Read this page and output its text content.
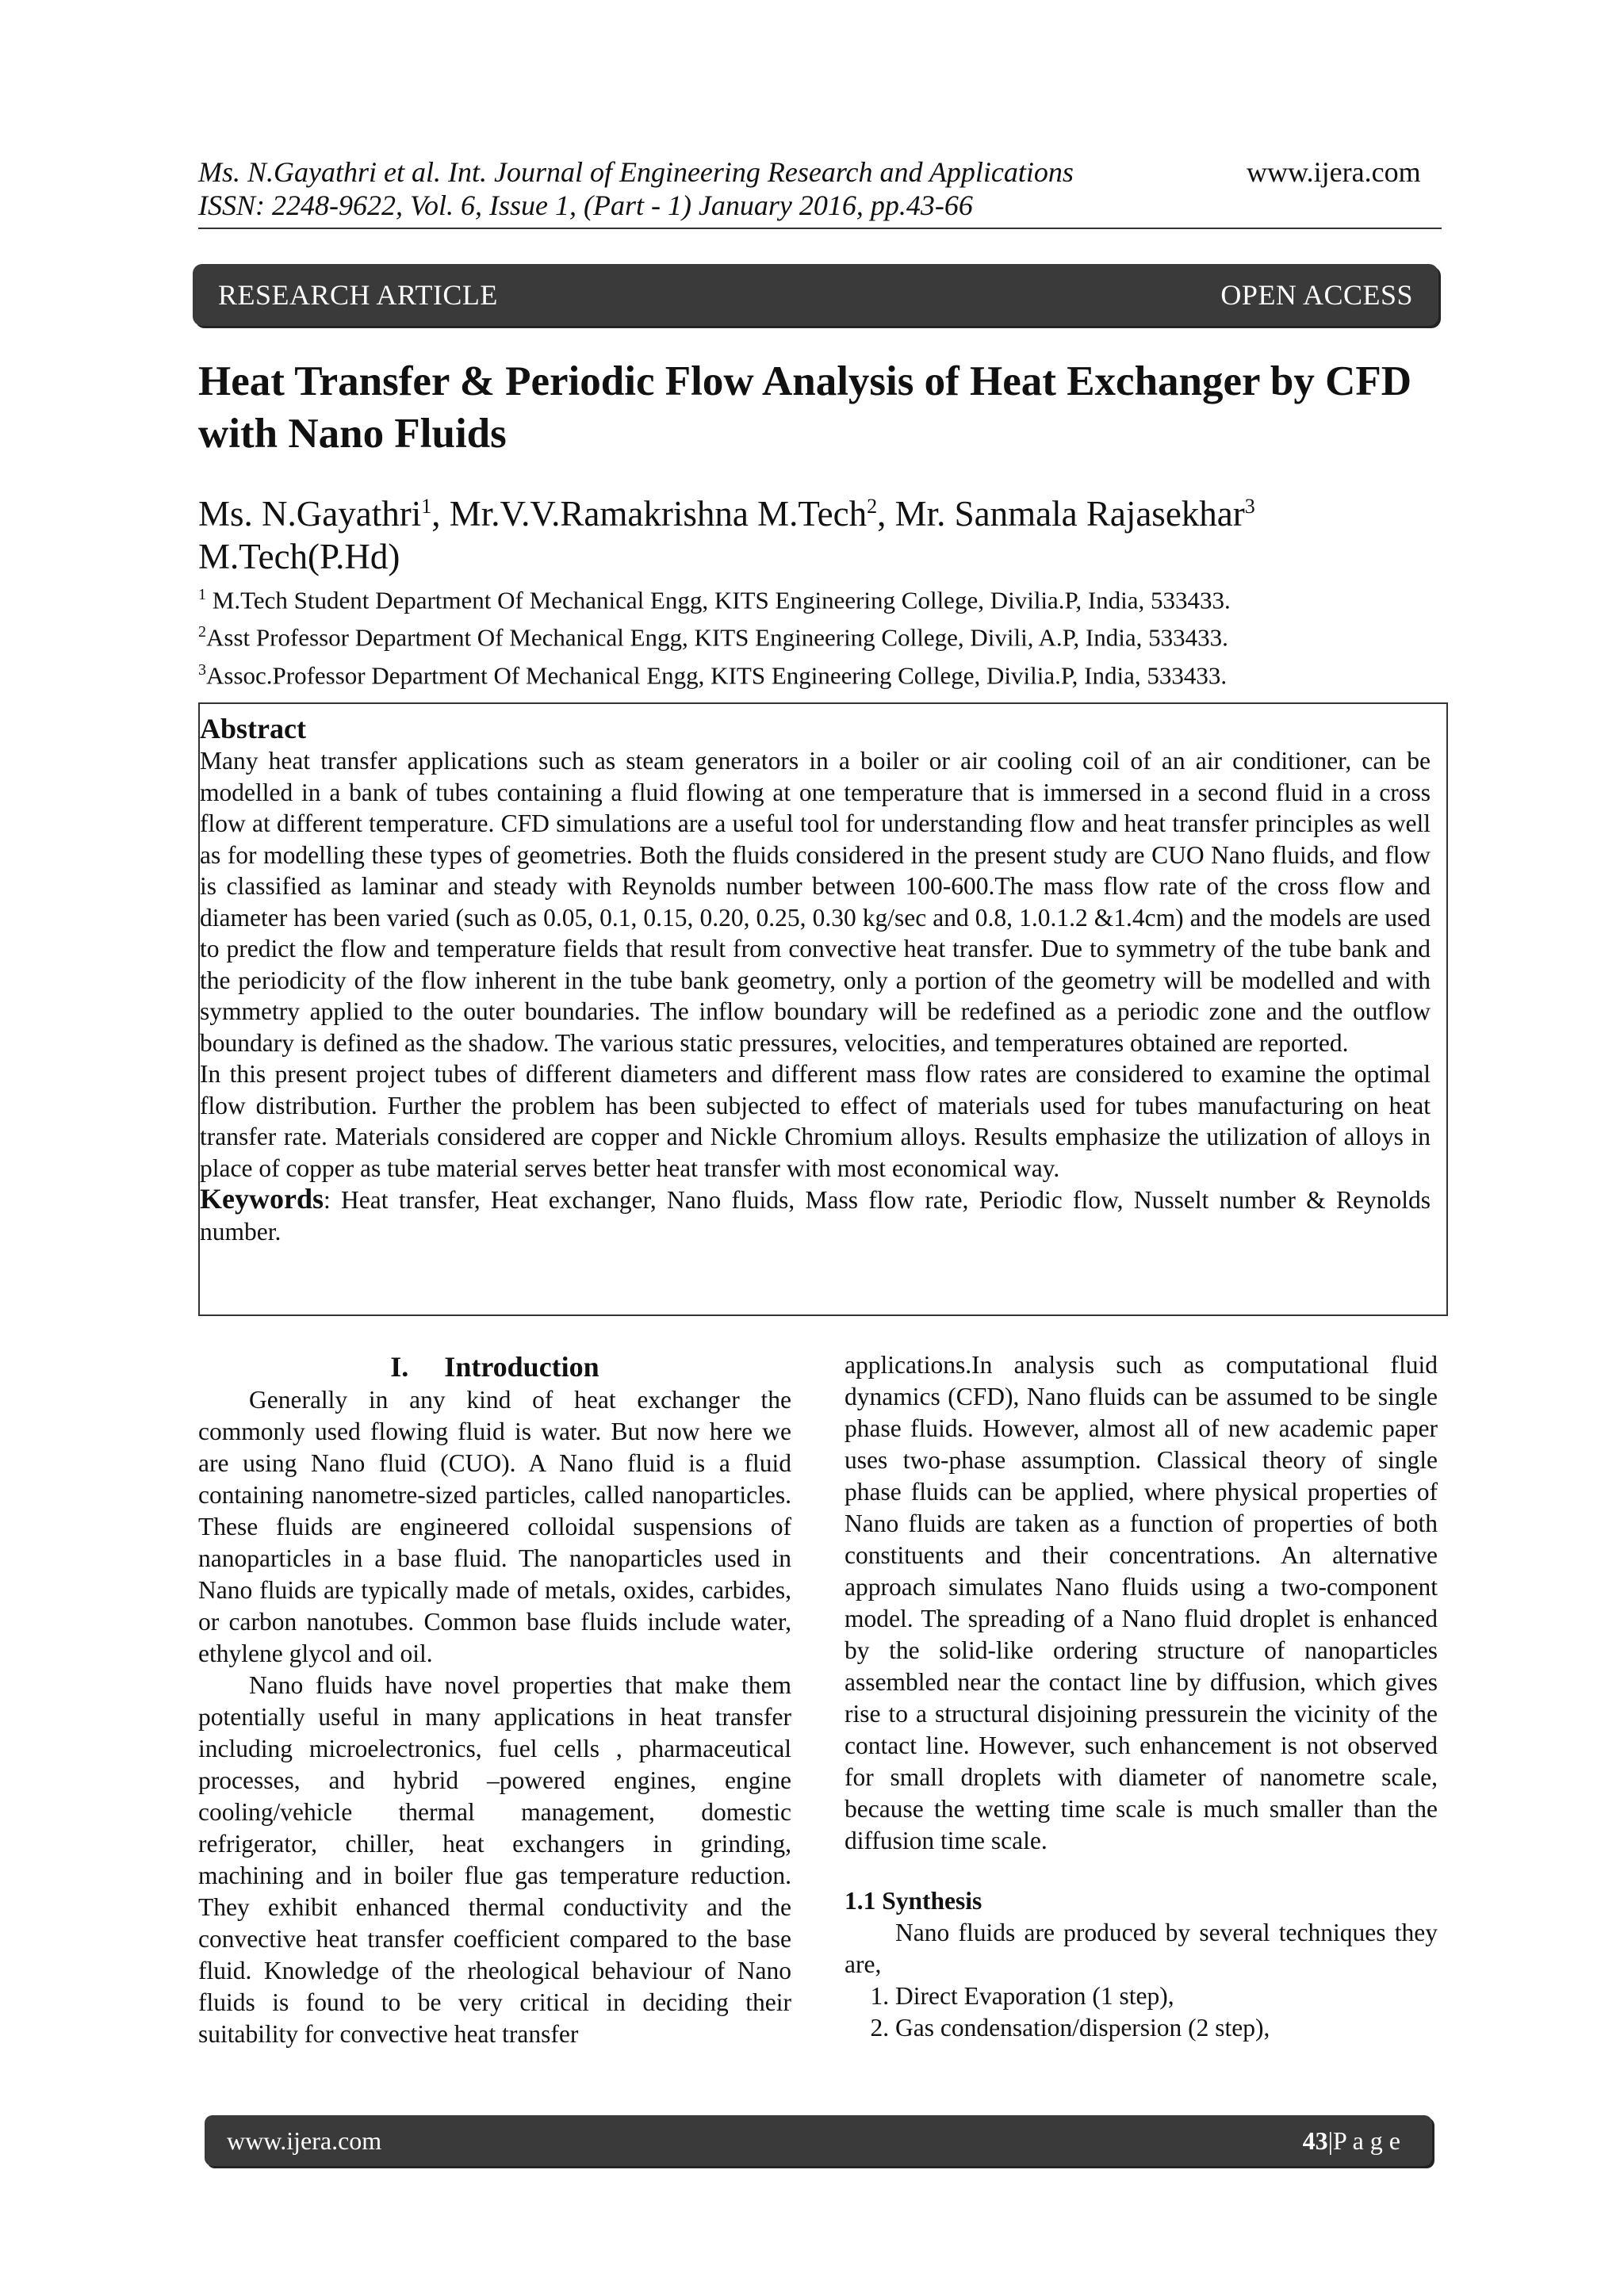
Ms. N.Gayathri et al. Int. Journal of Engineering Research and Applications	www.ijera.com
ISSN: 2248-9622, Vol. 6, Issue 1, (Part - 1) January 2016, pp.43-66
RESEARCH ARTICLE	OPEN ACCESS
Heat Transfer & Periodic Flow Analysis of Heat Exchanger by CFD with Nano Fluids
Ms. N.Gayathri$^1$, Mr.V.V.Ramakrishna M.Tech$^2$, Mr. Sanmala Rajasekhar$^3$
M.Tech(P.Hd)
$^1$ M.Tech Student Department Of Mechanical Engg, KITS Engineering College, Divilia.P, India, 533433.
$^2$Asst Professor Department Of Mechanical Engg, KITS Engineering College, Divili, A.P, India, 533433.
$^3$Assoc.Professor Department Of Mechanical Engg, KITS Engineering College, Divilia.P, India, 533433.
Abstract
Many heat transfer applications such as steam generators in a boiler or air cooling coil of an air conditioner, can be modelled in a bank of tubes containing a fluid flowing at one temperature that is immersed in a second fluid in a cross flow at different temperature. CFD simulations are a useful tool for understanding flow and heat transfer principles as well as for modelling these types of geometries. Both the fluids considered in the present study are CUO Nano fluids, and flow is classified as laminar and steady with Reynolds number between 100-600.The mass flow rate of the cross flow and diameter has been varied (such as 0.05, 0.1, 0.15, 0.20, 0.25, 0.30 kg/sec and 0.8, 1.0.1.2 &1.4cm) and the models are used to predict the flow and temperature fields that result from convective heat transfer. Due to symmetry of the tube bank and the periodicity of the flow inherent in the tube bank geometry, only a portion of the geometry will be modelled and with symmetry applied to the outer boundaries. The inflow boundary will be redefined as a periodic zone and the outflow boundary is defined as the shadow. The various static pressures, velocities, and temperatures obtained are reported.
In this present project tubes of different diameters and different mass flow rates are considered to examine the optimal flow distribution. Further the problem has been subjected to effect of materials used for tubes manufacturing on heat transfer rate. Materials considered are copper and Nickle Chromium alloys. Results emphasize the utilization of alloys in place of copper as tube material serves better heat transfer with most economical way.
Keywords: Heat transfer, Heat exchanger, Nano fluids, Mass flow rate, Periodic flow, Nusselt number & Reynolds number.
I.     Introduction
Generally in any kind of heat exchanger the commonly used flowing fluid is water. But now here we are using Nano fluid (CUO). A Nano fluid is a fluid containing nanometre-sized particles, called nanoparticles. These fluids are engineered colloidal suspensions of nanoparticles in a base fluid. The nanoparticles used in Nano fluids are typically made of metals, oxides, carbides, or carbon nanotubes. Common base fluids include water, ethylene glycol and oil.
Nano fluids have novel properties that make them potentially useful in many applications in heat transfer including microelectronics, fuel cells , pharmaceutical processes, and hybrid –powered engines, engine cooling/vehicle thermal management, domestic refrigerator, chiller, heat exchangers in grinding, machining and in boiler flue gas temperature reduction. They exhibit enhanced thermal conductivity and the convective heat transfer coefficient compared to the base fluid. Knowledge of the rheological behaviour of Nano fluids is found to be very critical in deciding their suitability for convective heat transfer
applications.In analysis such as computational fluid dynamics (CFD), Nano fluids can be assumed to be single phase fluids. However, almost all of new academic paper uses two-phase assumption. Classical theory of single phase fluids can be applied, where physical properties of Nano fluids are taken as a function of properties of both constituents and their concentrations. An alternative approach simulates Nano fluids using a two-component model. The spreading of a Nano fluid droplet is enhanced by the solid-like ordering structure of nanoparticles assembled near the contact line by diffusion, which gives rise to a structural disjoining pressurein the vicinity of the contact line. However, such enhancement is not observed for small droplets with diameter of nanometre scale, because the wetting time scale is much smaller than the diffusion time scale.
1.1 Synthesis
Nano fluids are produced by several techniques they are,
1. Direct Evaporation (1 step),
2. Gas condensation/dispersion (2 step),
www.ijera.com	43|P a g e
